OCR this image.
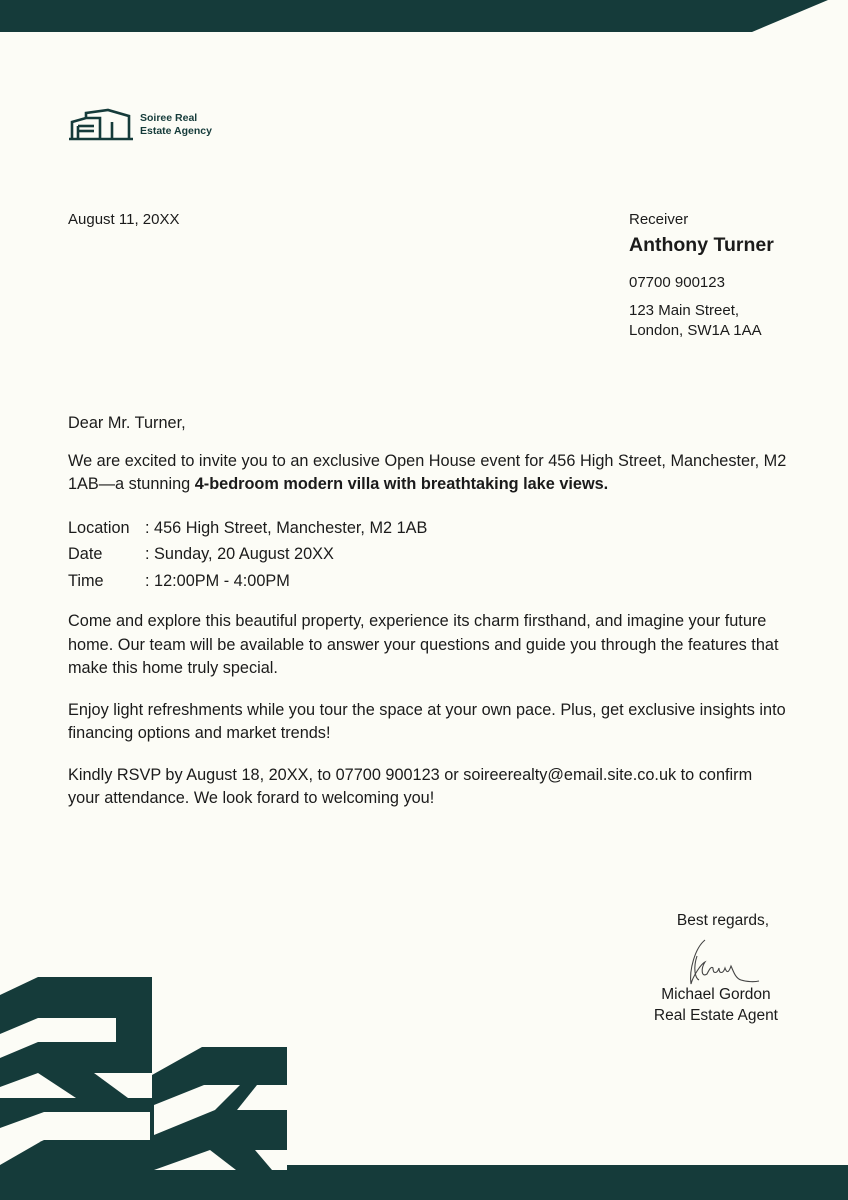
Soiree Real
Estate Agency
August 11, 20XX	Receiver
Anthony Turner
07700 900123
123 Main Street,
London, SW1A 1AA

Dear Mr. Turner,

We are excited to invite you to an exclusive Open House event for 456 High Street, Manchester, M2 1AB—a stunning 4-bedroom modern villa with breathtaking lake views.

Location : 456 High Street, Manchester, M2 1AB
Date	: Sunday, 20 August 20XX
Time	: 12:00PM - 4:00PM

Come and explore this beautiful property, experience its charm firsthand, and imagine your future home. Our team will be available to answer your questions and guide you through the features that make this home truly special.

Enjoy light refreshments while you tour the space at your own pace. Plus, get exclusive insights into financing options and market trends!

Kindly RSVP by August 18, 20XX, to 07700 900123 or soireerealty@email.site.co.uk to confirm your attendance. We look forard to welcoming you!

Best regards,
Michael Gordon
Real Estate Agent
